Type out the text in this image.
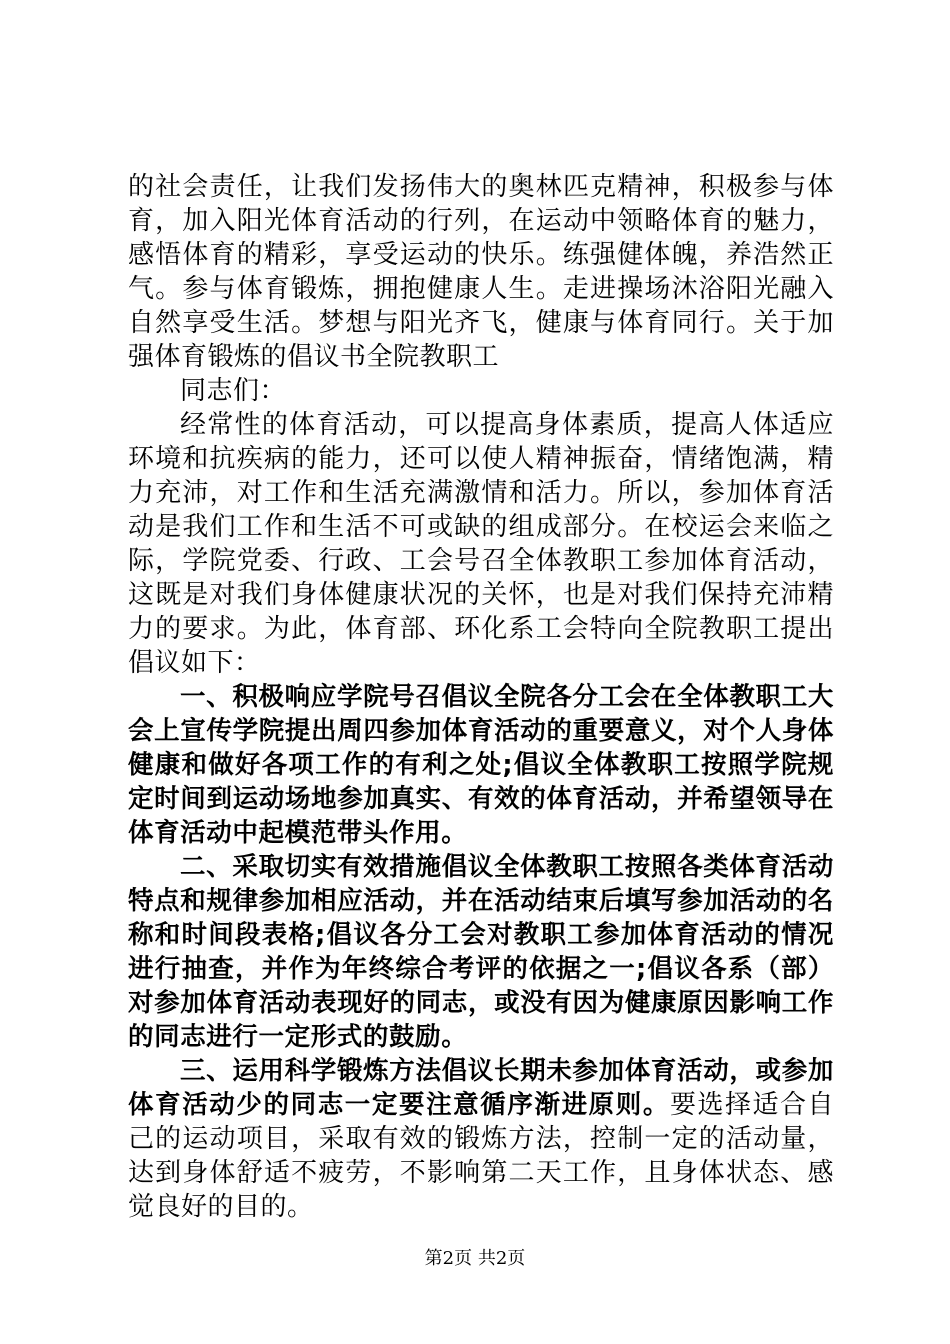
的社会责任，让我们发扬伟大的奥林匹克精神，积极参与体育，加入阳光体育活动的行列，在运动中领略体育的魅力，感悟体育的精彩，享受运动的快乐。练强健体魄，养浩然正气。参与体育锻炼，拥抱健康人生。走进操场沐浴阳光融入自然享受生活。梦想与阳光齐飞，健康与体育同行。关于加强体育锻炼的倡议书全院教职工

同志们：

经常性的体育活动，可以提高身体素质，提高人体适应环境和抗疾病的能力，还可以使人精神振奋，情绪饱满，精力充沛，对工作和生活充满激情和活力。所以，参加体育活动是我们工作和生活不可或缺的组成部分。在校运会来临之际，学院党委、行政、工会号召全体教职工参加体育活动，这既是对我们身体健康状况的关怀，也是对我们保持充沛精力的要求。为此，体育部、环化系工会特向全院教职工提出倡议如下：

一、积极响应学院号召倡议全院各分工会在全体教职工大会上宣传学院提出周四参加体育活动的重要意义，对个人身体健康和做好各项工作的有利之处;倡议全体教职工按照学院规定时间到运动场地参加真实、有效的体育活动，并希望领导在体育活动中起模范带头作用。

二、采取切实有效措施倡议全体教职工按照各类体育活动特点和规律参加相应活动，并在活动结束后填写参加活动的名称和时间段表格;倡议各分工会对教职工参加体育活动的情况进行抽查，并作为年终综合考评的依据之一;倡议各系（部）对参加体育活动表现好的同志，或没有因为健康原因影响工作的同志进行一定形式的鼓励。

三、运用科学锻炼方法倡议长期未参加体育活动，或参加体育活动少的同志一定要注意循序渐进原则。要选择适合自己的运动项目，采取有效的锻炼方法，控制一定的活动量，达到身体舒适不疲劳，不影响第二天工作，且身体状态、感觉良好的目的。

第2页 共2页
